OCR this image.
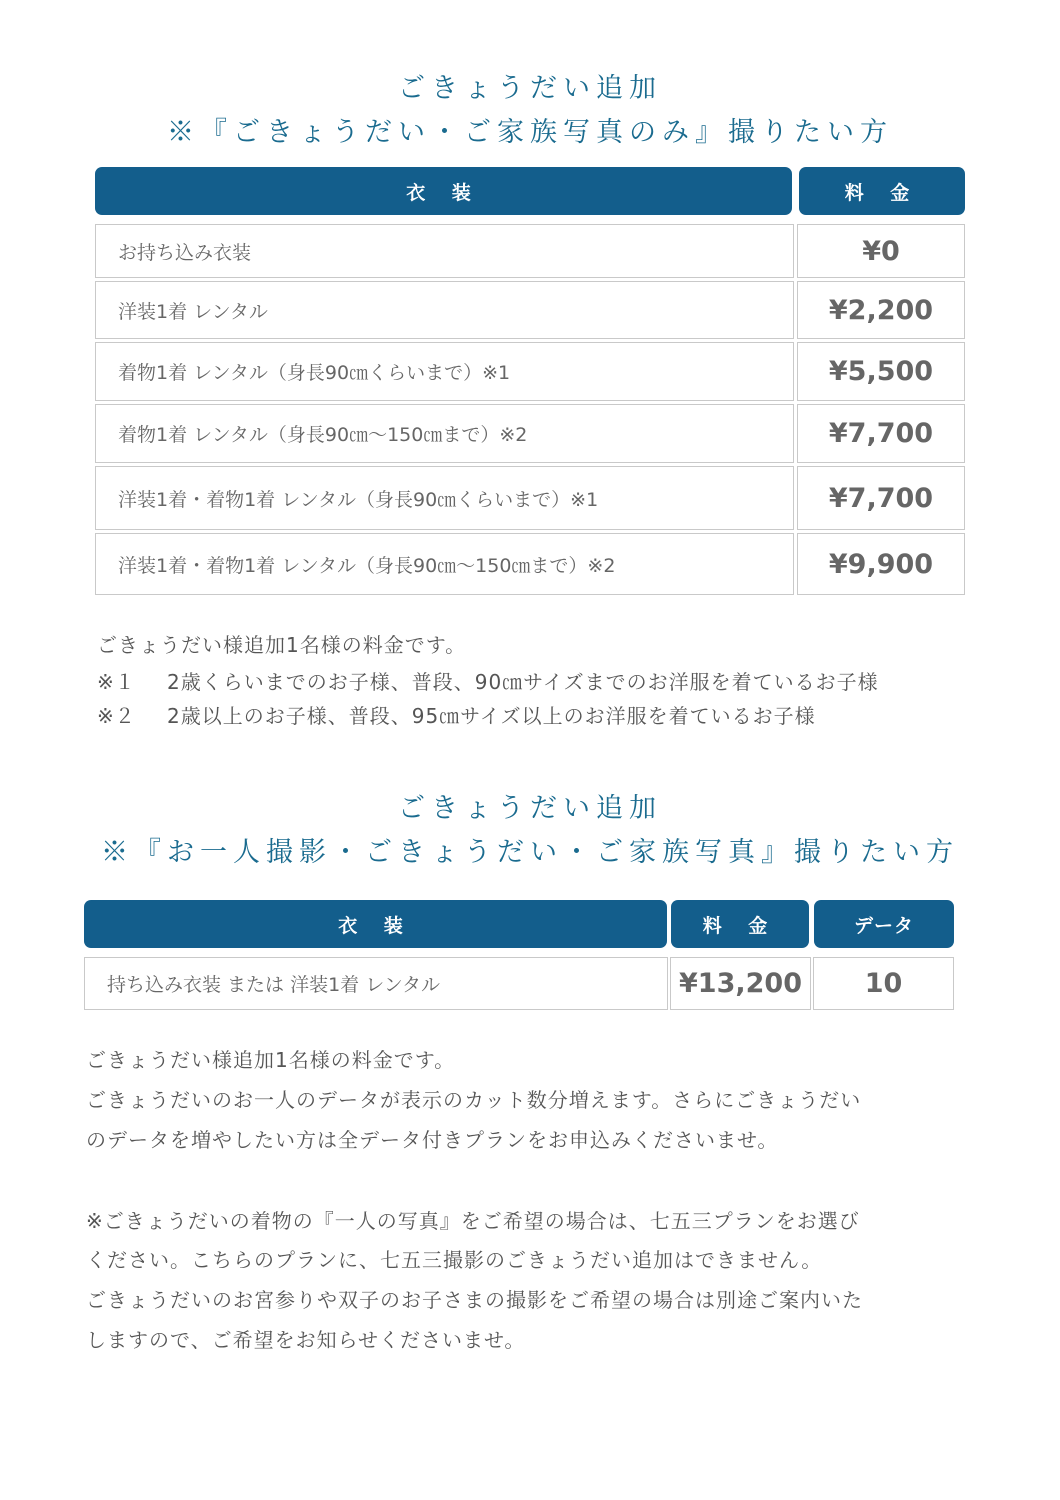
ごきょうだい追加
※『ごきょうだい・ご家族写真のみ』撮りたい方
衣 装	料 金
お持ち込み衣装	¥0
洋装1着 レンタル	¥2,200
着物1着 レンタル（身長90㎝くらいまで）※1	¥5,500
着物1着 レンタル（身長90㎝〜150㎝まで）※2	¥7,700
洋装1着・着物1着 レンタル（身長90㎝くらいまで）※1	¥7,700
洋装1着・着物1着 レンタル（身長90㎝〜150㎝まで）※2	¥9,900
ごきょうだい様追加1名様の料金です。
※１ 2歳くらいまでのお子様、普段、90㎝サイズまでのお洋服を着ているお子様
※２ 2歳以上のお子様、普段、95㎝サイズ以上のお洋服を着ているお子様
ごきょうだい追加
※『お一人撮影・ごきょうだい・ご家族写真』撮りたい方
衣 装	料 金	データ
持ち込み衣装 または 洋装1着 レンタル	¥13,200	10
ごきょうだい様追加1名様の料金です。
ごきょうだいのお一人のデータが表示のカット数分増えます。さらにごきょうだい
のデータを増やしたい方は全データ付きプランをお申込みくださいませ。
※ごきょうだいの着物の『一人の写真』をご希望の場合は、七五三プランをお選び
ください。こちらのプランに、七五三撮影のごきょうだい追加はできません。
ごきょうだいのお宮参りや双子のお子さまの撮影をご希望の場合は別途ご案内いた
しますので、ご希望をお知らせくださいませ。
